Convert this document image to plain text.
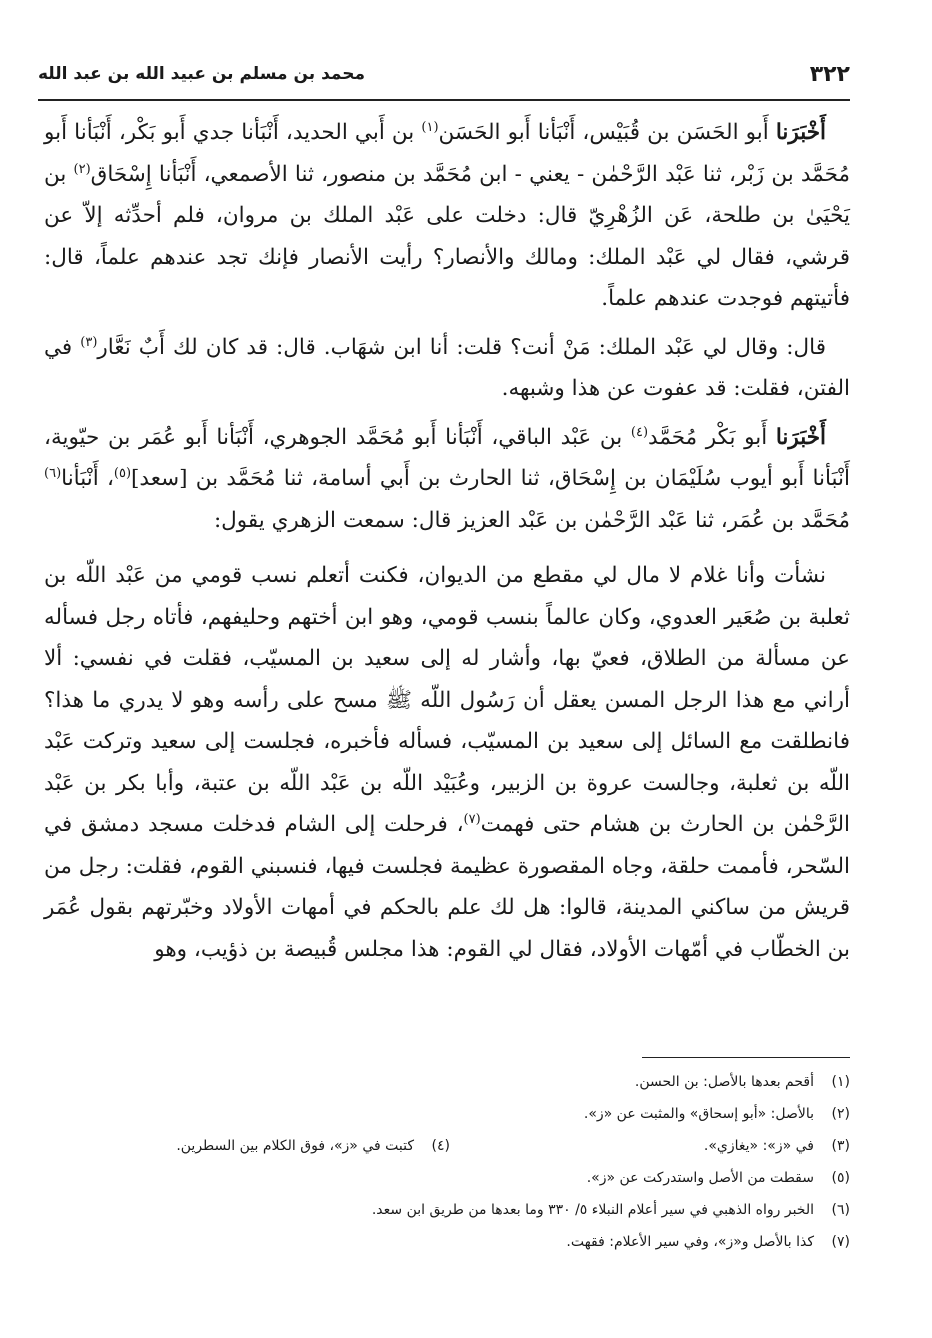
٣٢٢
محمد بن مسلم بن عبيد الله بن عبد الله

أَخْبَرَنا أَبو الحَسَن بن قُبَيْس، أَنْبَأنا أَبو الحَسَن$^{(١)}$ بن أَبي الحديد، أَنْبَأنا جدي أَبو بَكْر، أَنْبَأنا أَبو مُحَمَّد بن زَبْر، ثنا عَبْد الرَّحْمٰن - يعني - ابن مُحَمَّد بن منصور، ثنا الأصمعي، أَنْبَأنا إِسْحَاق$^{(٢)}$ بن يَحْيَىٰ بن طلحة، عَن الزُهْرِيّ قال: دخلت على عَبْد الملك بن مروان، فلم أحدِّثه إلاّ عن قرشي، فقال لي عَبْد الملك: ومالك والأنصار؟ رأيت الأنصار فإنك تجد عندهم علماً، قال: فأتيتهم فوجدت عندهم علماً.

قال: وقال لي عَبْد الملك: مَنْ أنت؟ قلت: أنا ابن شهَاب. قال: قد كان لك أَبٌ نَعَّار$^{(٣)}$ في الفتن، فقلت: قد عفوت عن هذا وشبهه.

أَخْبَرَنا أَبو بَكْر مُحَمَّد$^{(٤)}$ بن عَبْد الباقي، أَنْبَأنا أَبو مُحَمَّد الجوهري، أَنْبَأنا أَبو عُمَر بن حيّوية، أَنْبَأنا أَبو أيوب سُلَيْمَان بن إِسْحَاق، ثنا الحارث بن أَبي أسامة، ثنا مُحَمَّد بن [سعد]$^{(٥)}$، أَنْبَأنا$^{(٦)}$ مُحَمَّد بن عُمَر، ثنا عَبْد الرَّحْمٰن بن عَبْد العزيز قال: سمعت الزهري يقول:

نشأت وأنا غلام لا مال لي مقطع من الديوان، فكنت أتعلم نسب قومي من عَبْد اللّه بن ثعلبة بن صُعَير العدوي، وكان عالماً بنسب قومي، وهو ابن أختهم وحليفهم، فأتاه رجل فسأله عن مسألة من الطلاق، فعيّ بها، وأشار له إلى سعيد بن المسيّب، فقلت في نفسي: ألا أراني مع هذا الرجل المسن يعقل أن رَسُول اللّه ﷺ مسح على رأسه وهو لا يدري ما هذا؟ فانطلقت مع السائل إلى سعيد بن المسيّب، فسأله فأخبره، فجلست إلى سعيد وتركت عَبْد اللّه بن ثعلبة، وجالست عروة بن الزبير، وعُبَيْد اللّه بن عَبْد اللّه بن عتبة، وأبا بكر بن عَبْد الرَّحْمٰن بن الحارث بن هشام حتى فهمت$^{(٧)}$، فرحلت إلى الشام فدخلت مسجد دمشق في السّحر، فأممت حلقة، وجاه المقصورة عظيمة فجلست فيها، فنسبني القوم، فقلت: رجل من قريش من ساكني المدينة، قالوا: هل لك علم بالحكم في أمهات الأولاد وخبّرتهم بقول عُمَر بن الخطّاب في أمّهات الأولاد، فقال لي القوم: هذا مجلس قُبيصة بن ذؤيب، وهو

(١)أقحم بعدها بالأصل: بن الحسن.
(٢)بالأصل: «أبو إسحاق» والمثبت عن «ز».
(٣)في «ز»: «يغازي».
(٤)كتبت في «ز»، فوق الكلام بين السطرين.
(٥)سقطت من الأصل واستدركت عن «ز».
(٦)الخبر رواه الذهبي في سير أعلام النبلاء ٥/ ٣٣٠ وما بعدها من طريق ابن سعد.
(٧)كذا بالأصل و«ز»، وفي سير الأعلام: فقهت.
